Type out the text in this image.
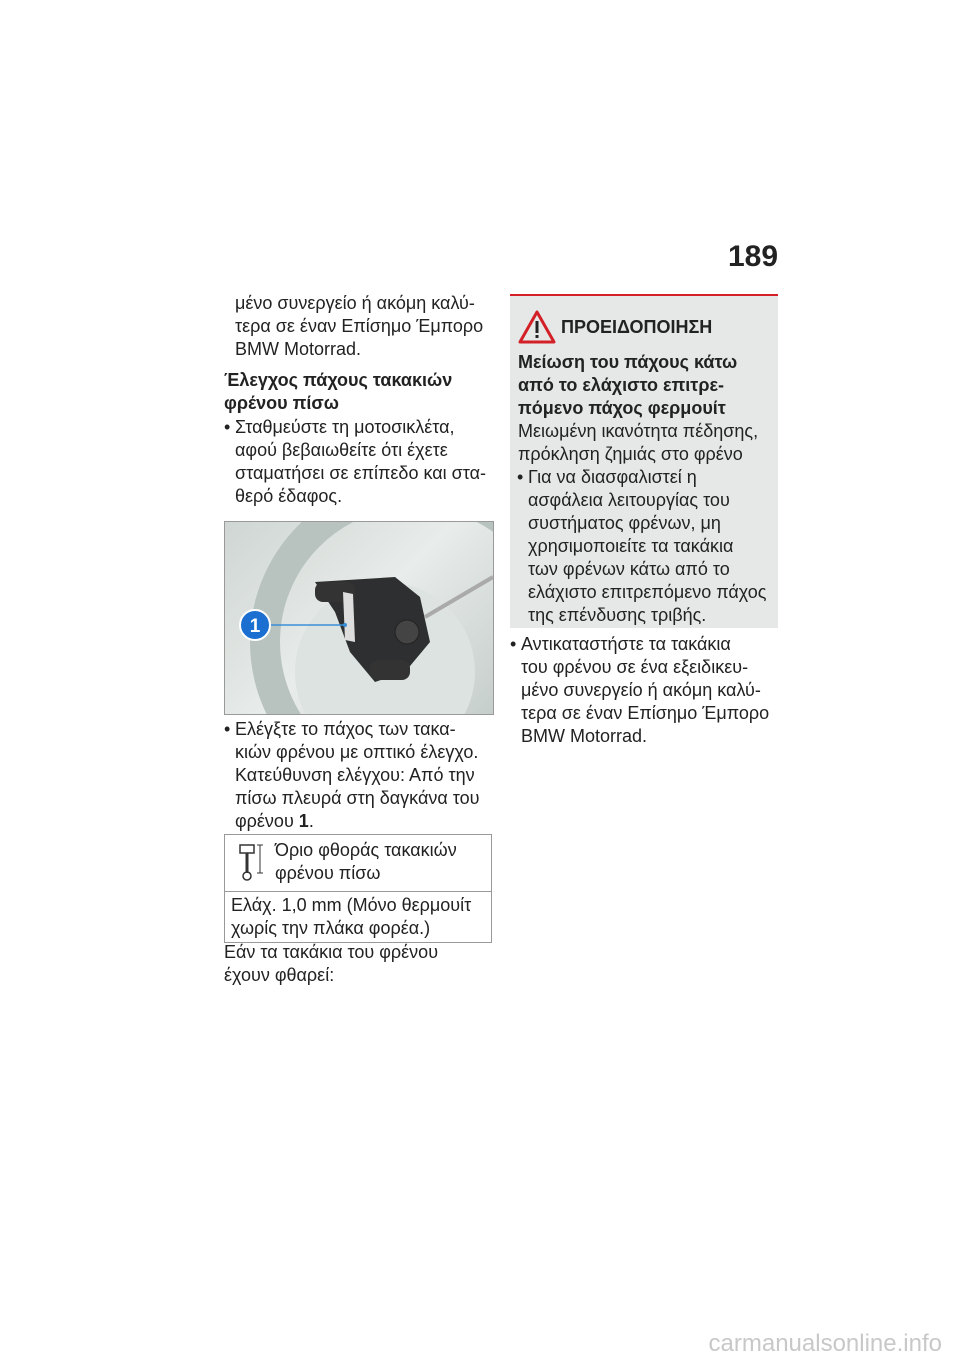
189
μένο συνεργείο ή ακόμη καλύ-
τερα σε έναν Επίσημο Έμπορο
BMW Motorrad.
Έλεγχος πάχους τακακιών
φρένου πίσω
• Σταθμεύστε τη μοτοσικλέτα,
αφού βεβαιωθείτε ότι έχετε
σταματήσει σε επίπεδο και στα-
θερό έδαφος.
1
• Ελέγξτε το πάχος των τακα-
κιών φρένου με οπτικό έλεγχο.
Κατεύθυνση ελέγχου: Από την
πίσω πλευρά στη δαγκάνα του
φρένου 1.
Όριο φθοράς τακακιών
φρένου πίσω
Ελάχ. 1,0 mm (Μόνο θερμουίτ
χωρίς την πλάκα φορέα.)
Εάν τα τακάκια του φρένου
έχουν φθαρεί:
ΠΡΟΕΙΔΟΠΟΙΗΣΗ
Μείωση του πάχους κάτω
από το ελάχιστο επιτρε-
πόμενο πάχος φερμουίτ
Μειωμένη ικανότητα πέδησης,
πρόκληση ζημιάς στο φρένο
• Για να διασφαλιστεί η
ασφάλεια λειτουργίας του
συστήματος φρένων, μη
χρησιμοποιείτε τα τακάκια
των φρένων κάτω από το
ελάχιστο επιτρεπόμενο πάχος
της επένδυσης τριβής.
• Αντικαταστήστε τα τακάκια
του φρένου σε ένα εξειδικευ-
μένο συνεργείο ή ακόμη καλύ-
τερα σε έναν Επίσημο Έμπορο
BMW Motorrad.
carmanualsonline.info
